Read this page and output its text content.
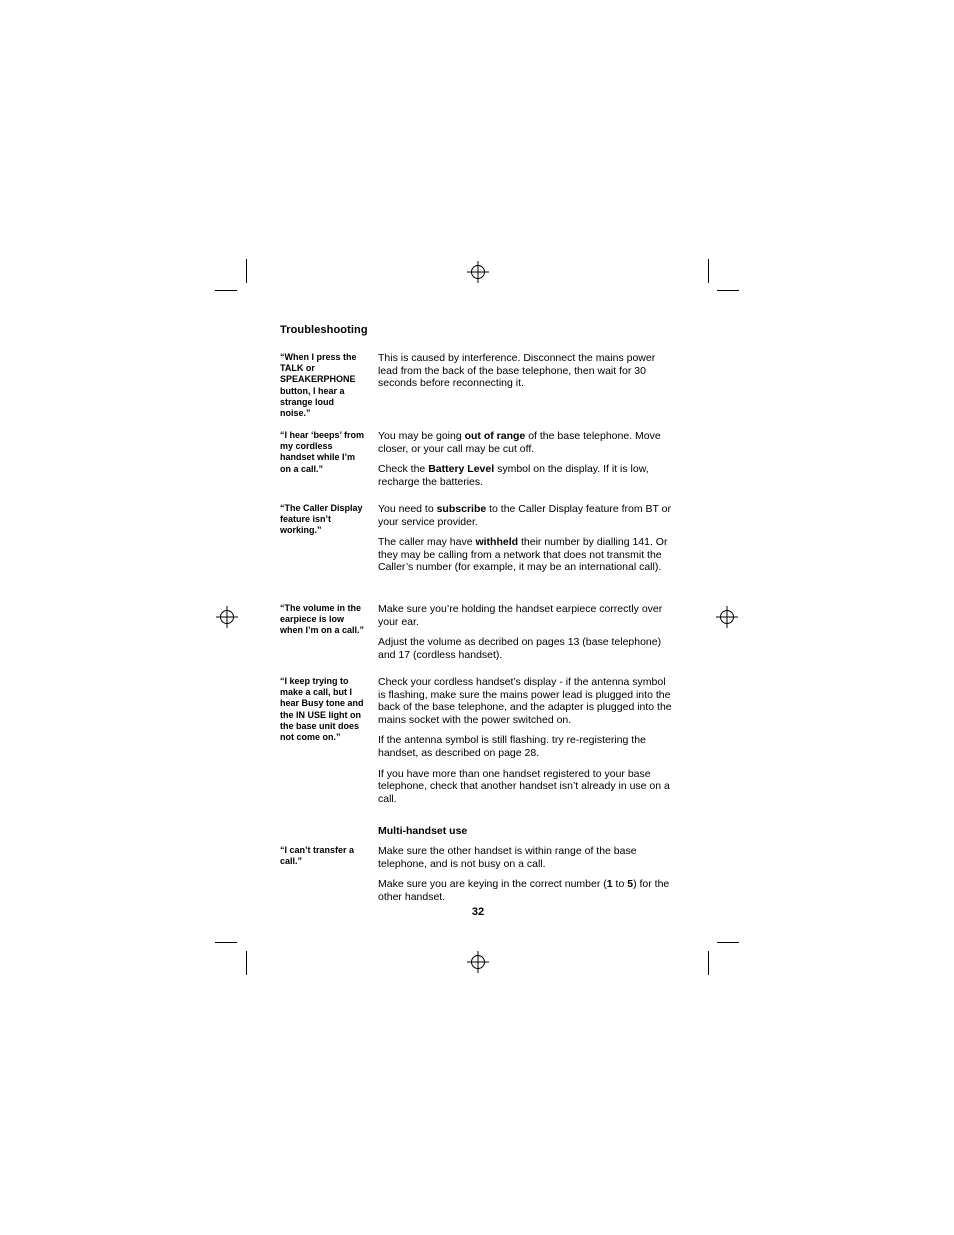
Troubleshooting
“When I press the TALK or SPEAKERPHONE button, I hear a strange loud noise.”

This is caused by interference. Disconnect the mains power lead from the back of the base telephone, then wait for 30 seconds before reconnecting it.

“I hear ‘beeps’ from my cordless handset while I’m on a call.”

You may be going out of range of the base telephone. Move closer, or your call may be cut off.

Check the Battery Level symbol on the display. If it is low, recharge the batteries.

“The Caller Display feature isn’t working.”

You need to subscribe to the Caller Display feature from BT or your service provider.

The caller may have withheld their number by dialling 141. Or they may be calling from a network that does not transmit the Caller’s number (for example, it may be an international call).

“The volume in the earpiece is low when I’m on a call.”

Make sure you’re holding the handset earpiece correctly over your ear.

Adjust the volume as decribed on pages 13 (base telephone) and 17 (cordless handset).

“I keep trying to make a call, but I hear Busy tone and the IN USE light on the base unit does not come on.”

Check your cordless handset’s display - if the antenna symbol is flashing, make sure the mains power lead is plugged into the back of the base telephone, and the adapter is plugged into the mains socket with the power switched on.

If the antenna symbol is still flashing. try re-registering the handset, as described on page 28.

If you have more than one handset registered to your base telephone, check that another handset isn’t already in use on a call.

Multi-handset use
“I can’t transfer a call.”

Make sure the other handset is within range of the base telephone, and is not busy on a call.

Make sure you are keying in the correct number (1 to 5) for the other handset.

32
